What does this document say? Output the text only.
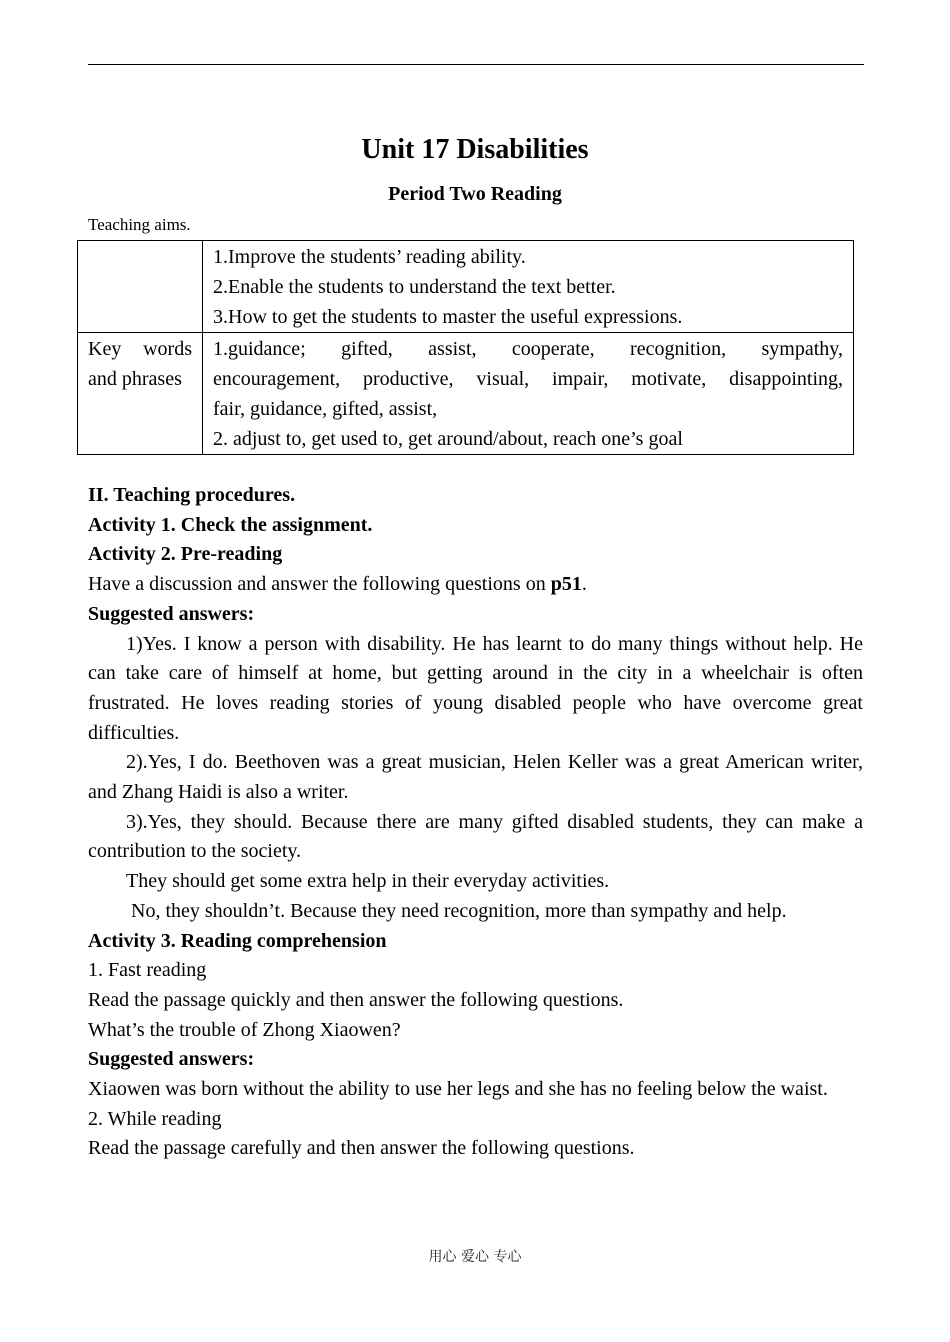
Unit 17 Disabilities
Period Two Reading
Teaching aims.

	1.Improve the students’ reading ability.
2.Enable the students to understand the text better.
3.How to get the students to master the useful expressions.

Key words and phrases	1.guidance; gifted, assist, cooperate, recognition, sympathy,
encouragement, productive, visual, impair, motivate, disappointing,
fair, guidance, gifted, assist,
2. adjust to, get used to, get around/about, reach one’s goal

II. Teaching procedures.

Activity 1. Check the assignment.

Activity 2. Pre-reading

Have a discussion and answer the following questions on p51.

Suggested answers:

1)Yes. I know a person with disability. He has learnt to do many things without help. He can take care of himself at home, but getting around in the city in a wheelchair is often frustrated. He loves reading stories of young disabled people who have overcome great difficulties.

2).Yes, I do. Beethoven was a great musician, Helen Keller was a great American writer, and Zhang Haidi is also a writer.

3).Yes, they should. Because there are many gifted disabled students, they can make a contribution to the society.

They should get some extra help in their everyday activities.

No, they shouldn’t. Because they need recognition, more than sympathy and help.

Activity 3. Reading comprehension

1. Fast reading

Read the passage quickly and then answer the following questions.

What’s the trouble of Zhong Xiaowen?

Suggested answers:

Xiaowen was born without the ability to use her legs and she has no feeling below the waist.

2. While reading

Read the passage carefully and then answer the following questions.

用心 爱心 专心
